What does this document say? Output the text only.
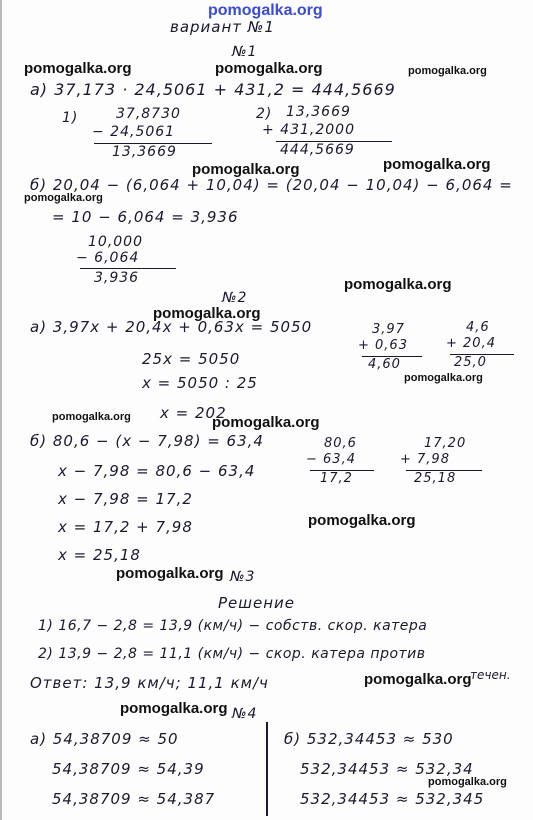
pomogalka.org
вариант №1
№1
pomogalka.org	pomogalka.org	pomogalka.org
а) 37,173 · 24,5061 + 431,2 = 444,5669
1)	37,8730
− 24,5061
13,3669
2) 13,3669
+ 431,2000
444,5669
pomogalka.org	pomogalka.org
б) 20,04 − (6,064 + 10,04) = (20,04 − 10,04) − 6,064 =
pomogalka.org
= 10 − 6,064 = 3,936
10,000
− 6,064
3,936	pomogalka.org
№2
pomogalka.org
а) 3,97x + 20,4x + 0,63x = 5050
25x = 5050
x = 5050 : 25
x = 202
3,97
+ 0,63
4,60
4,6
+ 20,4
25,0
pomogalka.org
pomogalka.org	pomogalka.org
б) 80,6 − (x − 7,98) = 63,4
x − 7,98 = 80,6 − 63,4
x − 7,98 = 17,2
x = 17,2 + 7,98
x = 25,18
80,6
− 63,4
17,2
17,20
+ 7,98
25,18
pomogalka.org
pomogalka.org №3
Решение
1) 16,7 − 2,8 = 13,9 (км/ч) − собств. скор. катера
2) 13,9 − 2,8 = 11,1 (км/ч) − скор. катера против
течен.
Ответ: 13,9 км/ч; 11,1 км/ч	pomogalka.org
pomogalka.org №4
а) 54,38709 ≈ 50
54,38709 ≈ 54,39
54,38709 ≈ 54,387
б) 532,34453 ≈ 530
532,34453 ≈ 532,34
532,34453 ≈ 532,345
pomogalka.org
